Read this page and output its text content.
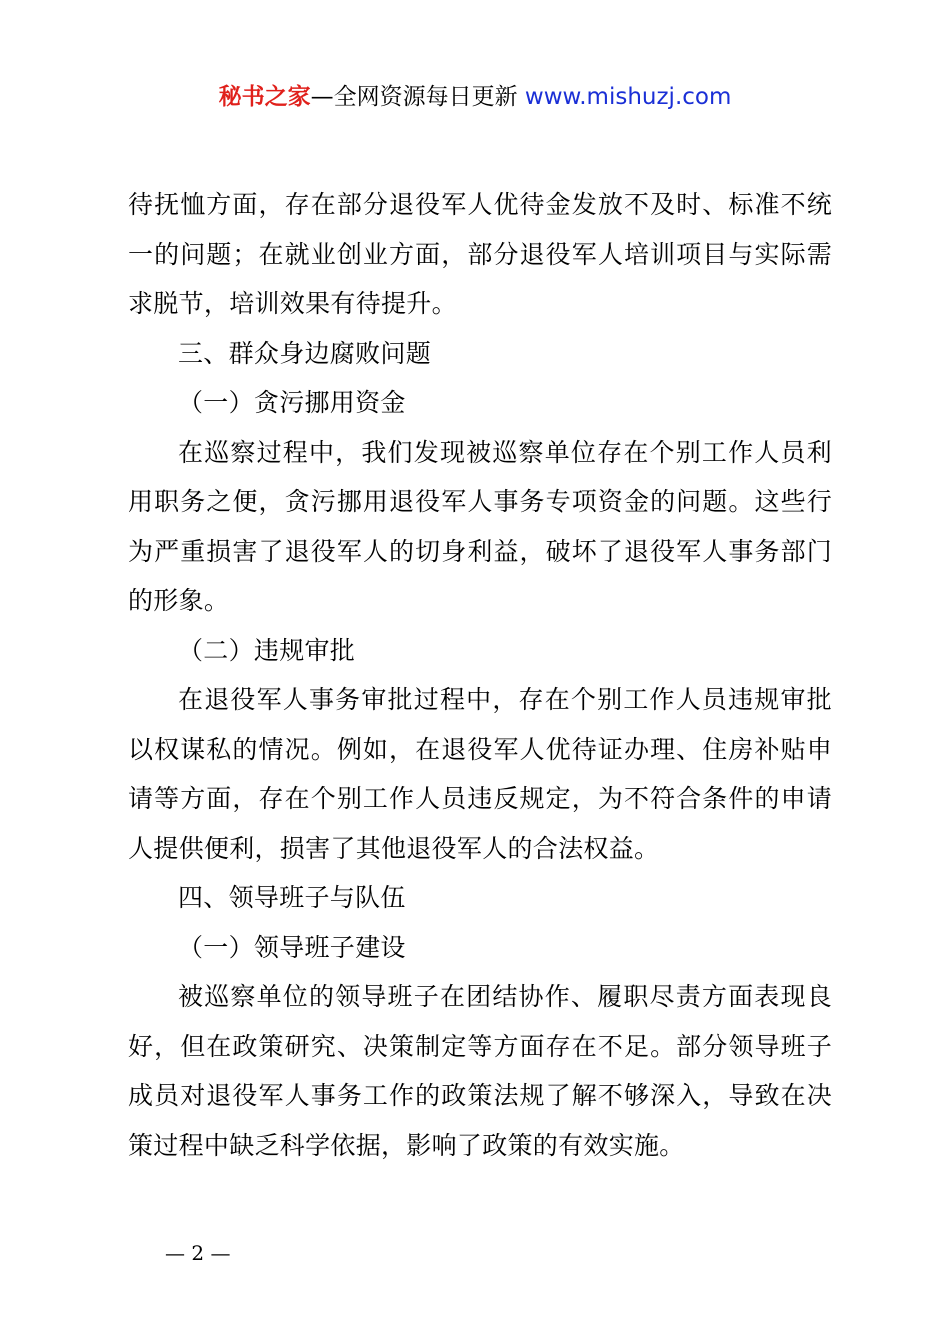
秘书之家—全网资源每日更新 www.mishuzj.com

待抚恤方面，存在部分退役军人优待金发放不及时、标准不统一的问题；在就业创业方面，部分退役军人培训项目与实际需求脱节，培训效果有待提升。

三、群众身边腐败问题

（一）贪污挪用资金

在巡察过程中，我们发现被巡察单位存在个别工作人员利用职务之便，贪污挪用退役军人事务专项资金的问题。这些行为严重损害了退役军人的切身利益，破坏了退役军人事务部门的形象。

（二）违规审批

在退役军人事务审批过程中，存在个别工作人员违规审批以权谋私的情况。例如，在退役军人优待证办理、住房补贴申请等方面，存在个别工作人员违反规定，为不符合条件的申请人提供便利，损害了其他退役军人的合法权益。

四、领导班子与队伍

（一）领导班子建设

被巡察单位的领导班子在团结协作、履职尽责方面表现良好，但在政策研究、决策制定等方面存在不足。部分领导班子成员对退役军人事务工作的政策法规了解不够深入，导致在决策过程中缺乏科学依据，影响了政策的有效实施。

— 2 —
